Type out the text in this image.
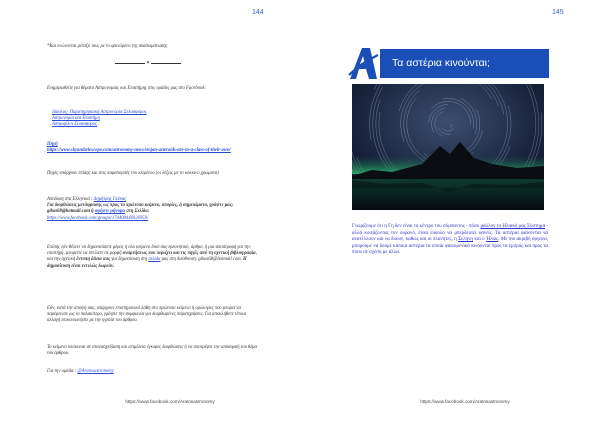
144
*Και ενώνονται μεταξύ τους με το φαινόμενο της συσσωμάτωσης
*
Ενημερωθείτε για θέματα Αστρονομίας και Επιστήμης στις ομάδες μας στο Facebook:
Δίαυλος- Παρατηρησιακή Αστρονομία Σελασφόρος
Αστρονομία και Επιστήμη
Αστροφίλοι Σελασφόρος
Πηγή
https://www.skyandtelescope.com/astronomy-news/trojan-asteroids-are-in-a-class-of-their-own/
Πηγές υπάρχουν επίσης και στις παραπομπές του κειμένου (οι λέξεις με το κόκκινο χρώματα)
Απόδοση στα Ελληνικά : Δημήτρης Γκέκας
Για διορθώσεις μετάφρασης ως προς το πρώτυπο κείμενο, απορίες, ή σημειώματα, γράψτε μας: gikas68@hotmail.com ή αφήστε μήνυμα στη Σελίδα:
https://www.facebook.com/groups/174408446026959/
Επίσης εάν θέλετε να δημοσιεύσετε μέρος ή όλο κείμενο δικό σας ερευνητικό, άρθρο, ή μια αποστροφή για την επιστήμη, μπορείτε να στείλετε σε μορφή αναρτήσεως που περιέχει και τις πηγές από τη σχετική βιβλιογραφία, και την σχετική έντυπη άδεια σας για δημοσίευση στη σελίδα μας στη διεύθυνση: gikas68@hotmail.com. Η δημοσίευση είναι εντελώς δωρεάν.
Εάν, κατά την άποψή σας, υπάρχουν επιστημονικά λάθη στο πρώτυπο κείμενο ή ορολογίες που μπορεί να παρέμειναν ως το παλαιότερο, γράψτε την συμφωνία για διορθωμένες παρατηρήσεις. Για αποκλήθετε τέτοια αλλαγή επικοινωνήστε με την ηγεσία του άρθρου.
Το κείμενο υπόκειται σε επανασχεδίαση και επιμέλεια έγκυρες διορθώσεις ή να αποτρέψει την απόσυρσή του θέμα του άρθρου.
Για την ομάδα : @Aratosastronomy
https://www.facebook.com/Aratosastronomy
145
https://www.facebook.com/Aratosastronomy
Τα αστέρια κινούνται;
Γνωρίζουμε ότι η Γη δεν είναι το κέντρο του σύμπαντος - πόσο μάλλον το Ηλιακό μας Σύστημα - αλλά κοιτάζοντας τον ουρανό, είναι εύκολο να μπερδευτεί κανείς. Τα αστέρια φαίνονται να ανατέλλουν και να δύουν, καθώς και οι πλανήτες, η Σελήνη και ο Ήλιος. Με πιο ακριβή όργανα, μπορούμε να δούμε κάποια αστέρια τα οποία φαινομενικά κινούνται προς τα εμπρός και προς τα πίσω σε σχέση με άλλα.
